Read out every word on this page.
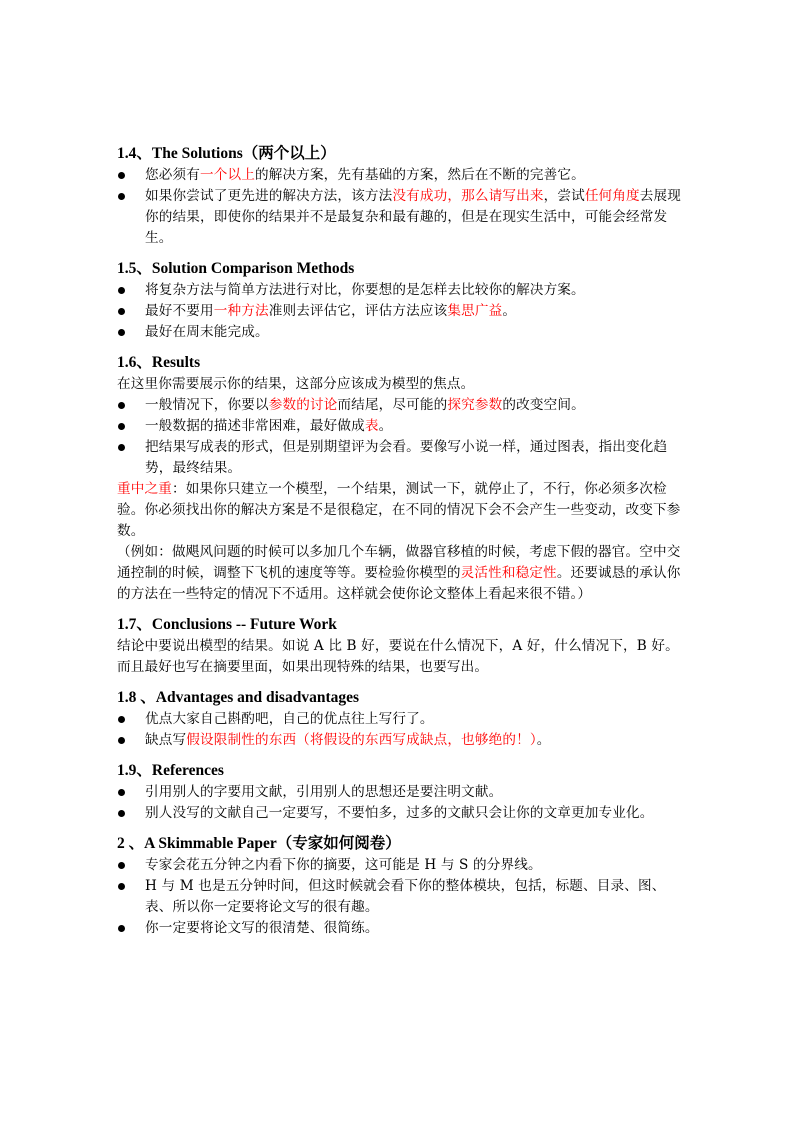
1.4、The Solutions（两个以上）
您必须有一个以上的解决方案，先有基础的方案，然后在不断的完善它。
如果你尝试了更先进的解决方法，该方法没有成功，那么请写出来，尝试任何角度去展现你的结果，即使你的结果并不是最复杂和最有趣的，但是在现实生活中，可能会经常发生。
1.5、Solution Comparison Methods
将复杂方法与简单方法进行对比，你要想的是怎样去比较你的解决方案。
最好不要用一种方法准则去评估它，评估方法应该集思广益。
最好在周末能完成。
1.6、Results

在这里你需要展示你的结果，这部分应该成为模型的焦点。

一般情况下，你要以参数的讨论而结尾，尽可能的探究参数的改变空间。
一般数据的描述非常困难，最好做成表。
把结果写成表的形式，但是别期望评为会看。要像写小说一样，通过图表，指出变化趋势，最终结果。

重中之重：如果你只建立一个模型，一个结果，测试一下，就停止了，不行，你必须多次检验。你必须找出你的解决方案是不是很稳定，在不同的情况下会不会产生一些变动，改变下参数。

（例如：做飓风问题的时候可以多加几个车辆，做器官移植的时候，考虑下假的器官。空中交通控制的时候，调整下飞机的速度等等。要检验你模型的灵活性和稳定性。还要诚恳的承认你的方法在一些特定的情况下不适用。这样就会使你论文整体上看起来很不错。）

1.7、Conclusions -- Future Work

结论中要说出模型的结果。如说 A 比 B 好，要说在什么情况下，A 好，什么情况下，B 好。而且最好也写在摘要里面，如果出现特殊的结果，也要写出。

1.8 、Advantages and disadvantages
优点大家自己斟酌吧，自己的优点往上写行了。
缺点写假设限制性的东西（将假设的东西写成缺点，也够绝的！）。
1.9、References
引用别人的字要用文献，引用别人的思想还是要注明文献。
别人没写的文献自己一定要写，不要怕多，过多的文献只会让你的文章更加专业化。
2 、A Skimmable Paper（专家如何阅卷）
专家会花五分钟之内看下你的摘要，这可能是 H 与 S 的分界线。
H 与 M 也是五分钟时间，但这时候就会看下你的整体模块，包括，标题、目录、图、表、所以你一定要将论文写的很有趣。
你一定要将论文写的很清楚、很简练。
